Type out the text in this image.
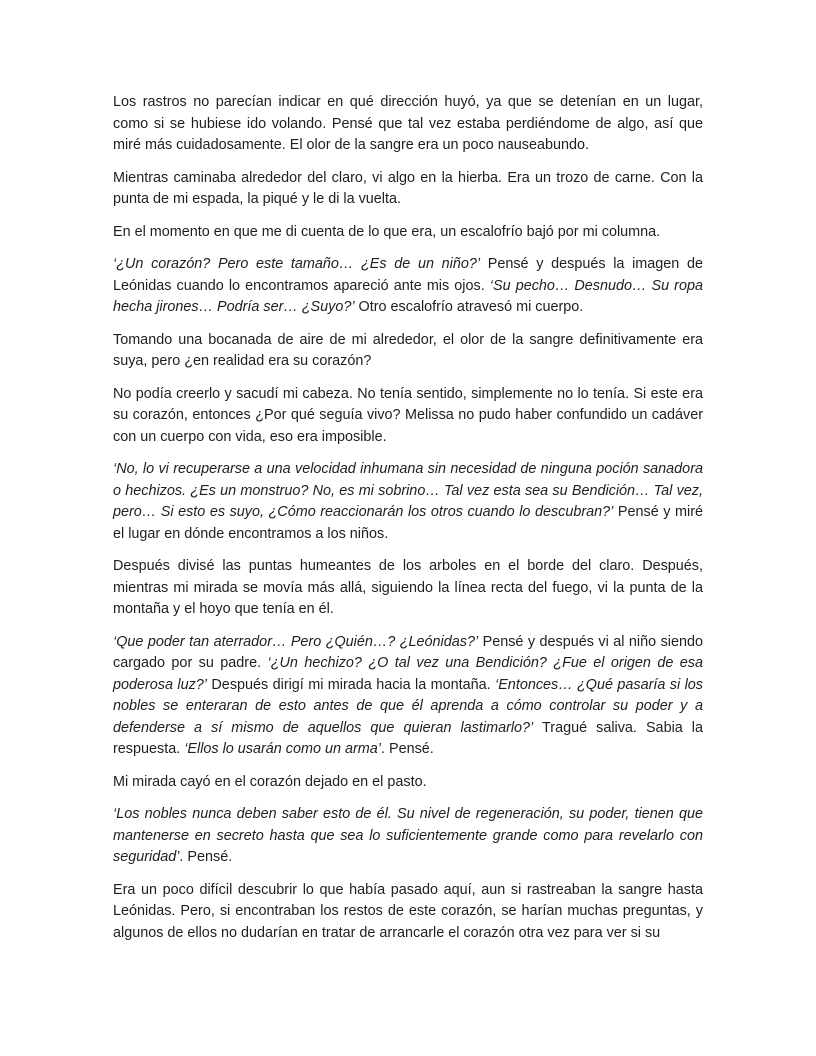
Los rastros no parecían indicar en qué dirección huyó, ya que se detenían en un lugar, como si se hubiese ido volando. Pensé que tal vez estaba perdiéndome de algo, así que miré más cuidadosamente. El olor de la sangre era un poco nauseabundo.

Mientras caminaba alrededor del claro, vi algo en la hierba. Era un trozo de carne. Con la punta de mi espada, la piqué y le di la vuelta.

En el momento en que me di cuenta de lo que era, un escalofrío bajó por mi columna.

‘¿Un corazón? Pero este tamaño… ¿Es de un niño?’ Pensé y después la imagen de Leónidas cuando lo encontramos apareció ante mis ojos. ‘Su pecho… Desnudo… Su ropa hecha jirones… Podría ser… ¿Suyo?’ Otro escalofrío atravesó mi cuerpo.

Tomando una bocanada de aire de mi alrededor, el olor de la sangre definitivamente era suya, pero ¿en realidad era su corazón?

No podía creerlo y sacudí mi cabeza. No tenía sentido, simplemente no lo tenía. Si este era su corazón, entonces ¿Por qué seguía vivo? Melissa no pudo haber confundido un cadáver con un cuerpo con vida, eso era imposible.

‘No, lo vi recuperarse a una velocidad inhumana sin necesidad de ninguna poción sanadora o hechizos. ¿Es un monstruo? No, es mi sobrino… Tal vez esta sea su Bendición… Tal vez, pero… Si esto es suyo, ¿Cómo reaccionarán los otros cuando lo descubran?’ Pensé y miré el lugar en dónde encontramos a los niños.

Después divisé las puntas humeantes de los arboles en el borde del claro. Después, mientras mi mirada se movía más allá, siguiendo la línea recta del fuego, vi la punta de la montaña y el hoyo que tenía en él.

‘Que poder tan aterrador… Pero ¿Quién…? ¿Leónidas?’ Pensé y después vi al niño siendo cargado por su padre. ‘¿Un hechizo? ¿O tal vez una Bendición? ¿Fue el origen de esa poderosa luz?’ Después dirigí mi mirada hacia la montaña. ‘Entonces… ¿Qué pasaría si los nobles se enteraran de esto antes de que él aprenda a cómo controlar su poder y a defenderse a sí mismo de aquellos que quieran lastimarlo?’ Tragué saliva. Sabia la respuesta. ‘Ellos lo usarán como un arma’. Pensé.

Mi mirada cayó en el corazón dejado en el pasto.

‘Los nobles nunca deben saber esto de él. Su nivel de regeneración, su poder, tienen que mantenerse en secreto hasta que sea lo suficientemente grande como para revelarlo con seguridad’. Pensé.

Era un poco difícil descubrir lo que había pasado aquí, aun si rastreaban la sangre hasta Leónidas. Pero, si encontraban los restos de este corazón, se harían muchas preguntas, y algunos de ellos no dudarían en tratar de arrancarle el corazón otra vez para ver si su
